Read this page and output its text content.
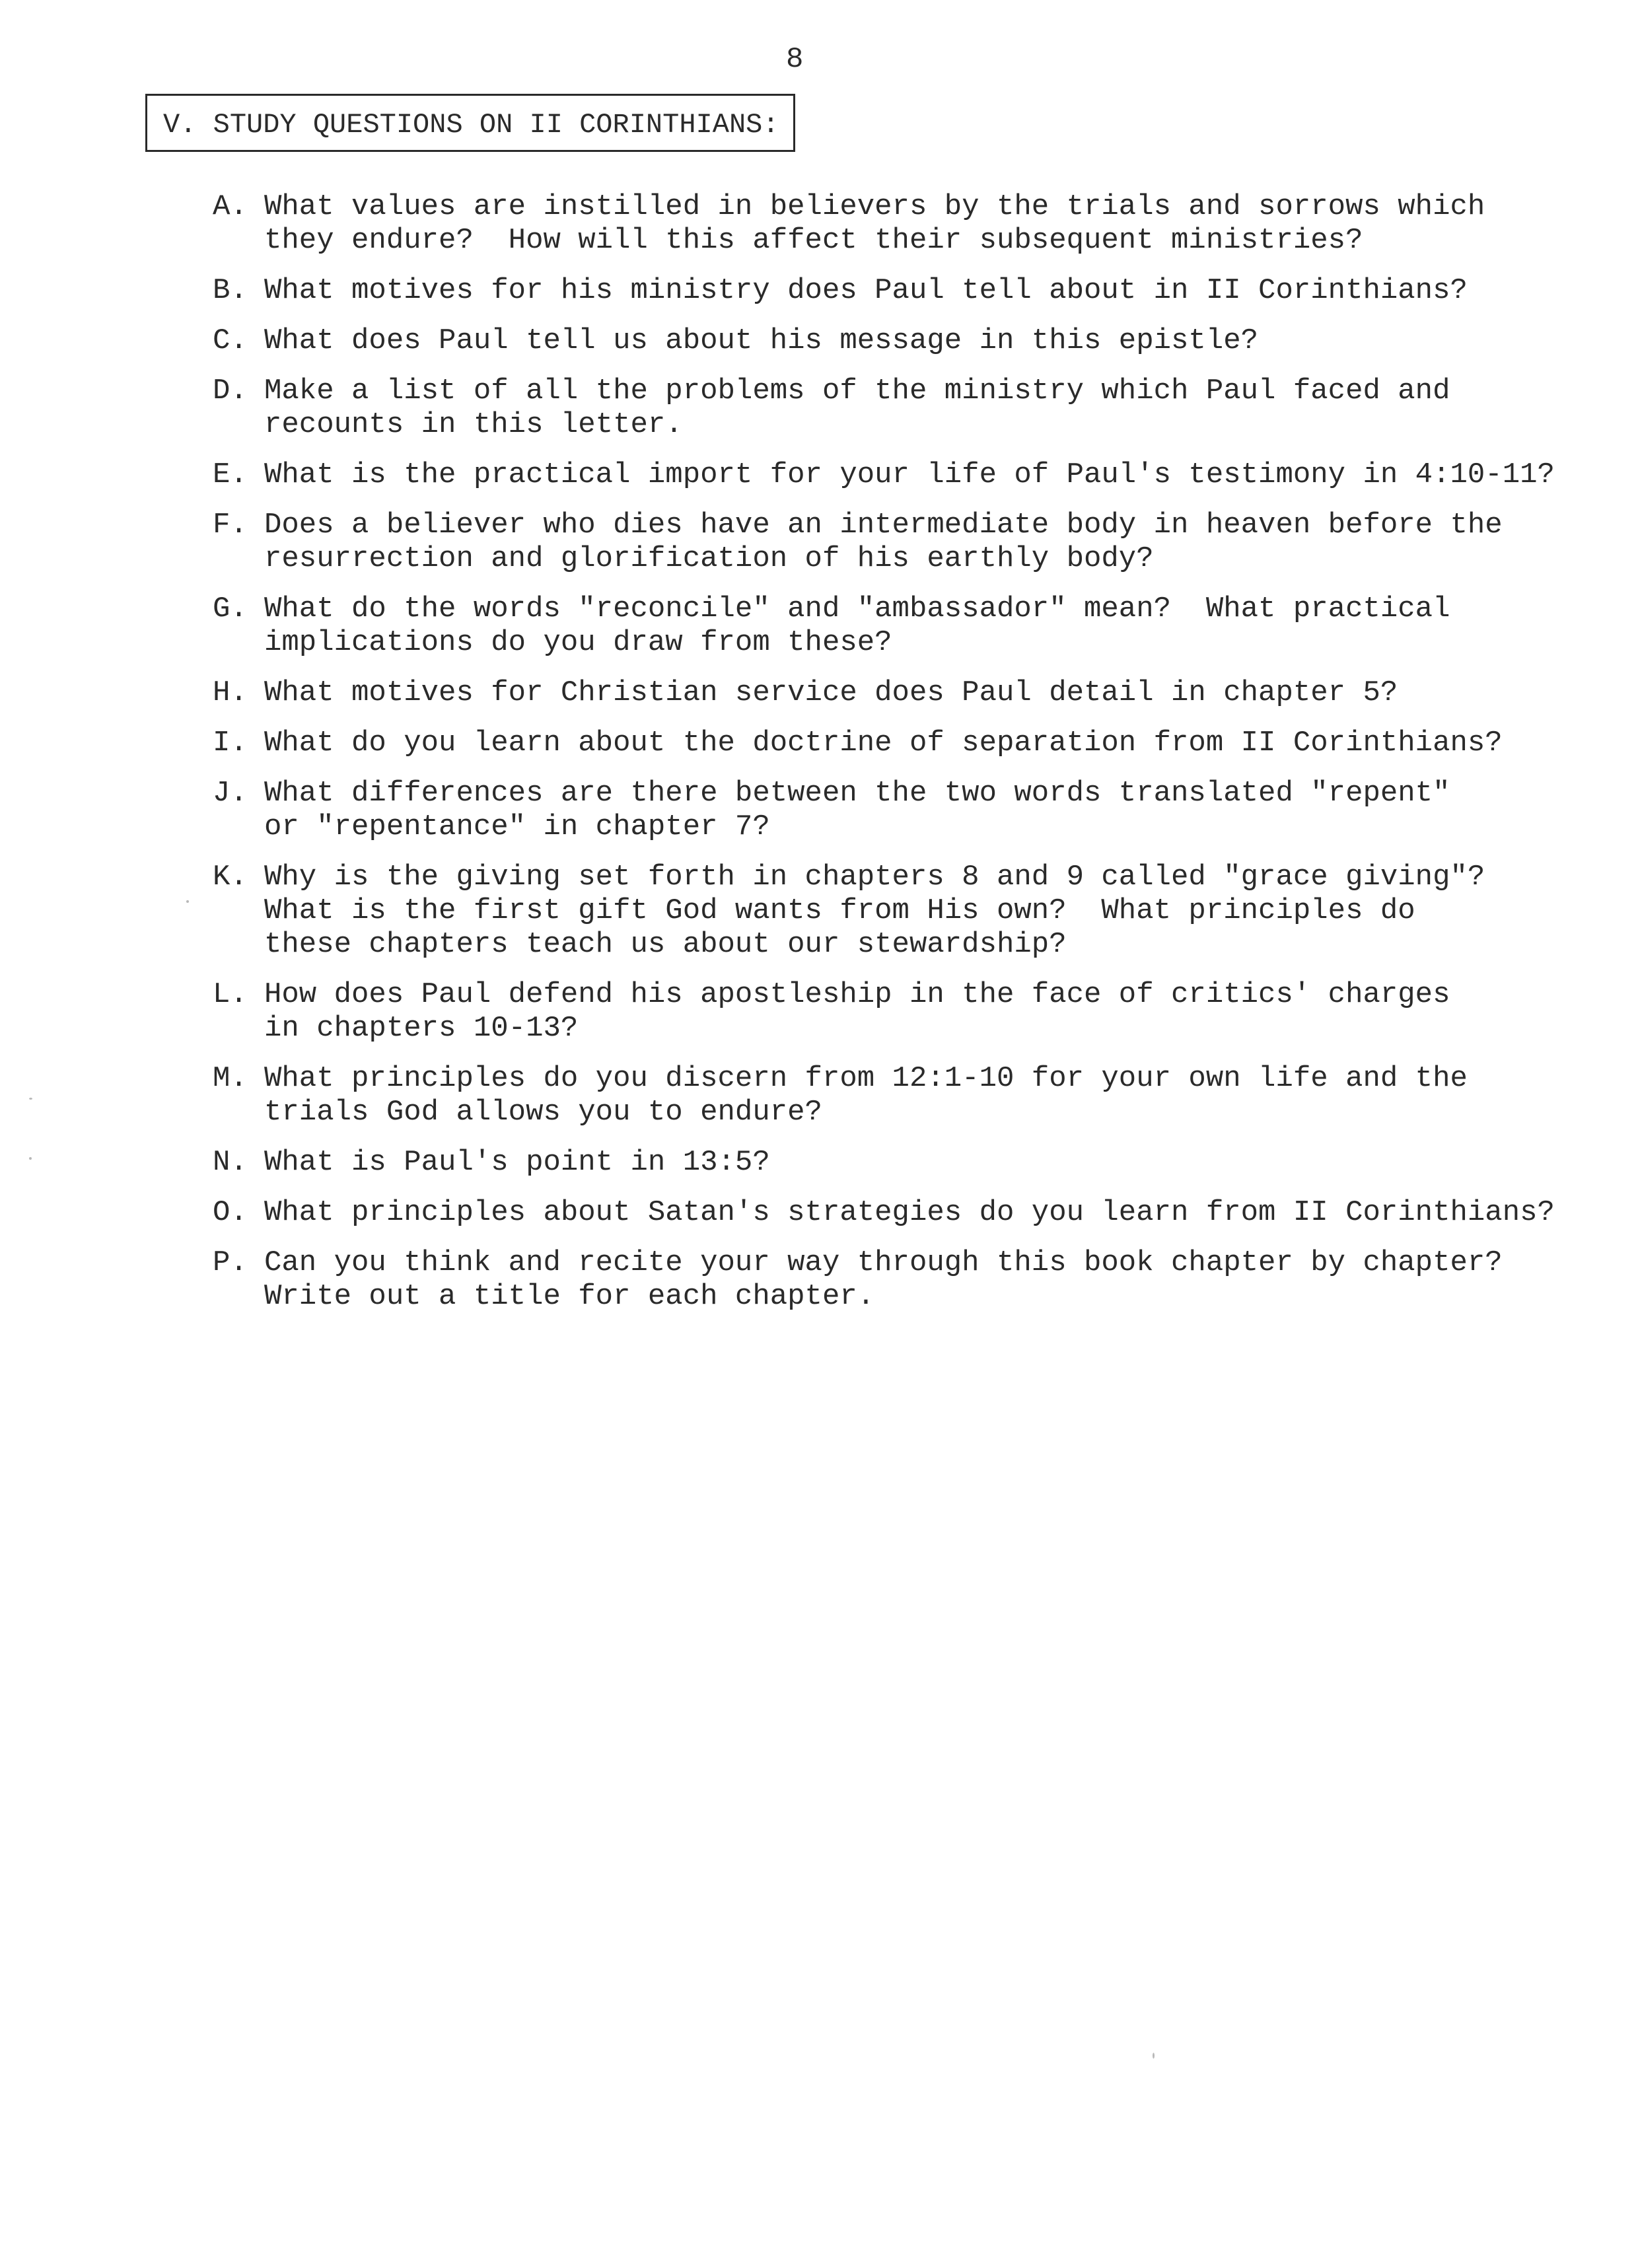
8
V. STUDY QUESTIONS ON II CORINTHIANS:
A. What values are instilled in believers by the trials and sorrows which
they endure?  How will this affect their subsequent ministries?
B. What motives for his ministry does Paul tell about in II Corinthians?
C. What does Paul tell us about his message in this epistle?
D. Make a list of all the problems of the ministry which Paul faced and
recounts in this letter.
E. What is the practical import for your life of Paul's testimony in 4:10-11?
F. Does a believer who dies have an intermediate body in heaven before the
resurrection and glorification of his earthly body?
G. What do the words "reconcile" and "ambassador" mean?  What practical
implications do you draw from these?
H. What motives for Christian service does Paul detail in chapter 5?
I. What do you learn about the doctrine of separation from II Corinthians?
J. What differences are there between the two words translated "repent"
or "repentance" in chapter 7?
K. Why is the giving set forth in chapters 8 and 9 called "grace giving"?
What is the first gift God wants from His own?  What principles do
these chapters teach us about our stewardship?
L. How does Paul defend his apostleship in the face of critics' charges
in chapters 10-13?
M. What principles do you discern from 12:1-10 for your own life and the
trials God allows you to endure?
N. What is Paul's point in 13:5?
O. What principles about Satan's strategies do you learn from II Corinthians?
P. Can you think and recite your way through this book chapter by chapter?
Write out a title for each chapter.
